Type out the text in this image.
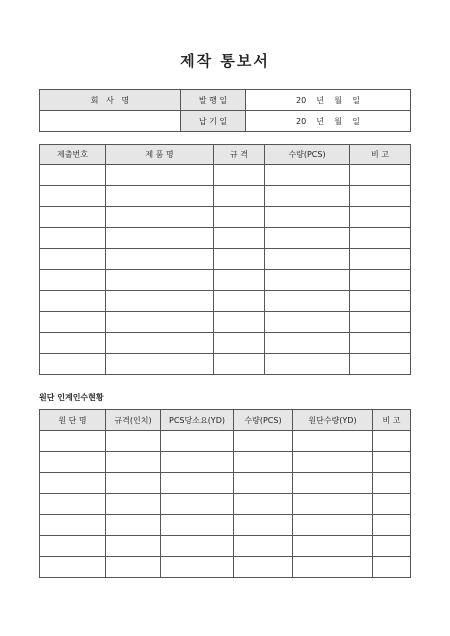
제작 통보서
회   사   명	발 행 일	20    년    월    일
	납 기 일	20    년    월    일
제출번호	제 품 명	규 격	수량(PCS)	비 고

원단 인계인수현황
원 단 명	규격(인치)	PCS당소요(YD)	수량(PCS)	원단수량(YD)	비 고
